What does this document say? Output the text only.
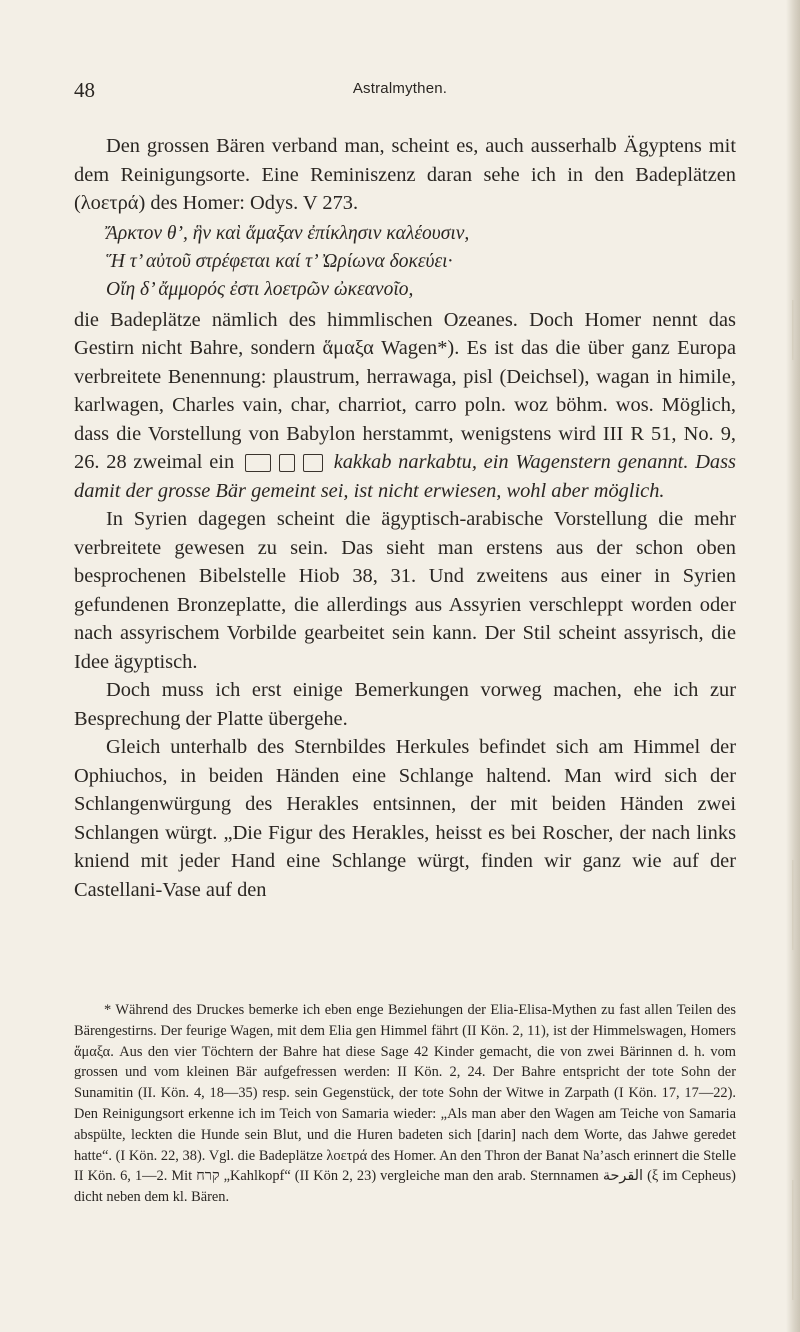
48	Astralmythen.

Den grossen Bären verband man, scheint es, auch ausserhalb Ägyptens mit dem Reinigungsorte. Eine Reminiszenz daran sehe ich in den Badeplätzen (λοετρά) des Homer: Odys. V 273.

Ἄρκτον θ’, ἣν καὶ ἅμαξαν ἐπίκλησιν καλέουσιν,
Ἥ τ’ αὐτοῦ στρέφεται καί τ’ Ὠρίωνα δοκεύει·
Οἴη δ’ ἄμμορός ἐστι λοετρῶν ὠκεανοῖο,

die Badeplätze nämlich des himmlischen Ozeanes. Doch Homer nennt das Gestirn nicht Bahre, sondern ἅμαξα Wagen*). Es ist das die über ganz Europa verbreitete Benennung: plaustrum, herrawaga, pisl (Deichsel), wagan in himile, karlwagen, Charles vain, char, charriot, carro poln. woz böhm. wos. Möglich, dass die Vorstellung von Babylon herstammt, wenigstens wird III R 51, No. 9, 26. 28 zweimal ein	kakkab narkabtu, ein Wagenstern genannt. Dass damit der grosse Bär gemeint sei, ist nicht erwiesen, wohl aber möglich.

In Syrien dagegen scheint die ägyptisch-arabische Vorstellung die mehr verbreitete gewesen zu sein. Das sieht man erstens aus der schon oben besprochenen Bibelstelle Hiob 38, 31. Und zweitens aus einer in Syrien gefundenen Bronzeplatte, die allerdings aus Assyrien verschleppt worden oder nach assyrischem Vorbilde gearbeitet sein kann. Der Stil scheint assyrisch, die Idee ägyptisch.

Doch muss ich erst einige Bemerkungen vorweg machen, ehe ich zur Besprechung der Platte übergehe.

Gleich unterhalb des Sternbildes Herkules befindet sich am Himmel der Ophiuchos, in beiden Händen eine Schlange haltend. Man wird sich der Schlangenwürgung des Herakles entsinnen, der mit beiden Händen zwei Schlangen würgt. „Die Figur des Herakles, heisst es bei Roscher, der nach links kniend mit jeder Hand eine Schlange würgt, finden wir ganz wie auf der Castellani-Vase auf den

* Während des Druckes bemerke ich eben enge Beziehungen der Elia-Elisa-Mythen zu fast allen Teilen des Bärengestirns. Der feurige Wagen, mit dem Elia gen Himmel fährt (II Kön. 2, 11), ist der Himmelswagen, Homers ἅμαξα. Aus den vier Töchtern der Bahre hat diese Sage 42 Kinder gemacht, die von zwei Bärinnen d. h. vom grossen und vom kleinen Bär aufgefressen werden: II Kön. 2, 24. Der Bahre entspricht der tote Sohn der Sunamitin (II. Kön. 4, 18—35) resp. sein Gegenstück, der tote Sohn der Witwe in Zarpath (I Kön. 17, 17—22). Den Reinigungsort erkenne ich im Teich von Samaria wieder: „Als man aber den Wagen am Teiche von Samaria abspülte, leckten die Hunde sein Blut, und die Huren badeten sich [darin] nach dem Worte, das Jahwe geredet hatte“. (I Kön. 22, 38). Vgl. die Badeplätze λοετρά des Homer. An den Thron der Banat Na’asch erinnert die Stelle II Kön. 6, 1—2. Mit קרח „Kahlkopf“ (II Kön 2, 23) vergleiche man den arab. Sternnamen القرحة (ξ im Cepheus) dicht neben dem kl. Bären.
